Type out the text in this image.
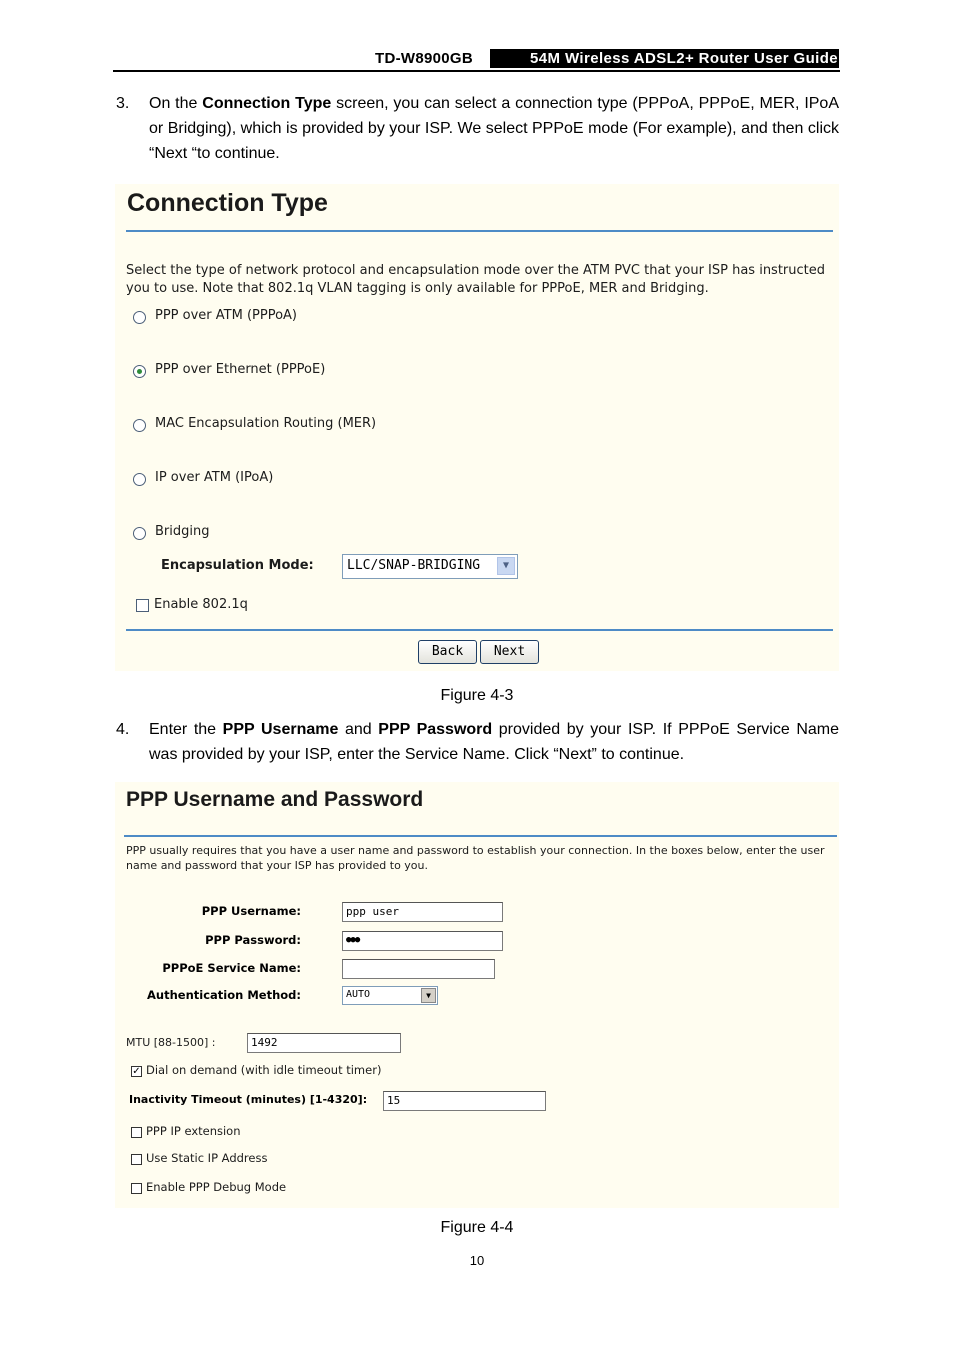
TD-W8900GB	54M Wireless ADSL2+ Router User Guide
3. On the Connection Type screen, you can select a connection type (PPPoA, PPPoE, MER, IPoA or Bridging), which is provided by your ISP. We select PPPoE mode (For example), and then click “Next “to continue.
Connection Type
Select the type of network protocol and encapsulation mode over the ATM PVC that your ISP has instructed
you to use. Note that 802.1q VLAN tagging is only available for PPPoE, MER and Bridging.
PPP over ATM (PPPoA)
PPP over Ethernet (PPPoE)
MAC Encapsulation Routing (MER)
IP over ATM (IPoA)
Bridging
Encapsulation Mode:	LLC/SNAP-BRIDGING	▼
Enable 802.1q
Back	Next
Figure 4-3
4. Enter the PPP Username and PPP Password provided by your ISP. If PPPoE Service Name was provided by your ISP, enter the Service Name. Click “Next” to continue.
PPP Username and Password
PPP usually requires that you have a user name and password to establish your connection. In the boxes below, enter the user
name and password that your ISP has provided to you.
PPP Username:	ppp user
PPP Password:	●●●
PPPoE Service Name:
Authentication Method:	AUTO	▼
MTU [88-1500] :	1492
✓ Dial on demand (with idle timeout timer)
Inactivity Timeout (minutes) [1-4320]:	15
PPP IP extension
Use Static IP Address
Enable PPP Debug Mode
Figure 4-4
10
